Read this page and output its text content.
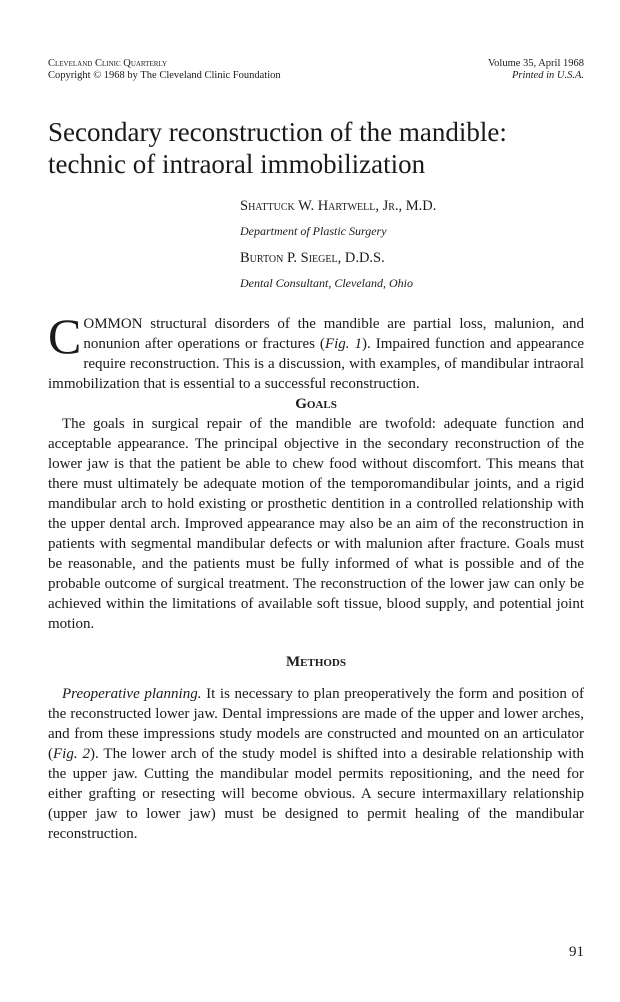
Cleveland Clinic Quarterly
Copyright © 1968 by The Cleveland Clinic Foundation
Volume 35, April 1968
Printed in U.S.A.
Secondary reconstruction of the mandible:
technic of intraoral immobilization
Shattuck W. Hartwell, Jr., M.D.
Department of Plastic Surgery
Burton P. Siegel, D.D.S.
Dental Consultant, Cleveland, Ohio

COMMON structural disorders of the mandible are partial loss, malunion, and nonunion after operations or fractures (Fig. 1). Impaired function and appearance require reconstruction. This is a discussion, with examples, of mandibular intraoral immobilization that is essential to a successful reconstruction.

Goals

The goals in surgical repair of the mandible are twofold: adequate function and acceptable appearance. The principal objective in the secondary reconstruction of the lower jaw is that the patient be able to chew food without discomfort. This means that there must ultimately be adequate motion of the temporomandibular joints, and a rigid mandibular arch to hold existing or prosthetic dentition in a controlled relationship with the upper dental arch. Improved appearance may also be an aim of the reconstruction in patients with segmental mandibular defects or with malunion after fracture. Goals must be reasonable, and the patients must be fully informed of what is possible and of the probable outcome of surgical treatment. The reconstruction of the lower jaw can only be achieved within the limitations of available soft tissue, blood supply, and potential joint motion.

Methods

Preoperative planning. It is necessary to plan preoperatively the form and position of the reconstructed lower jaw. Dental impressions are made of the upper and lower arches, and from these impressions study models are constructed and mounted on an articulator (Fig. 2). The lower arch of the study model is shifted into a desirable relationship with the upper jaw. Cutting the mandibular model permits repositioning, and the need for either grafting or resecting will become obvious. A secure intermaxillary relationship (upper jaw to lower jaw) must be designed to permit healing of the mandibular reconstruction.

91
